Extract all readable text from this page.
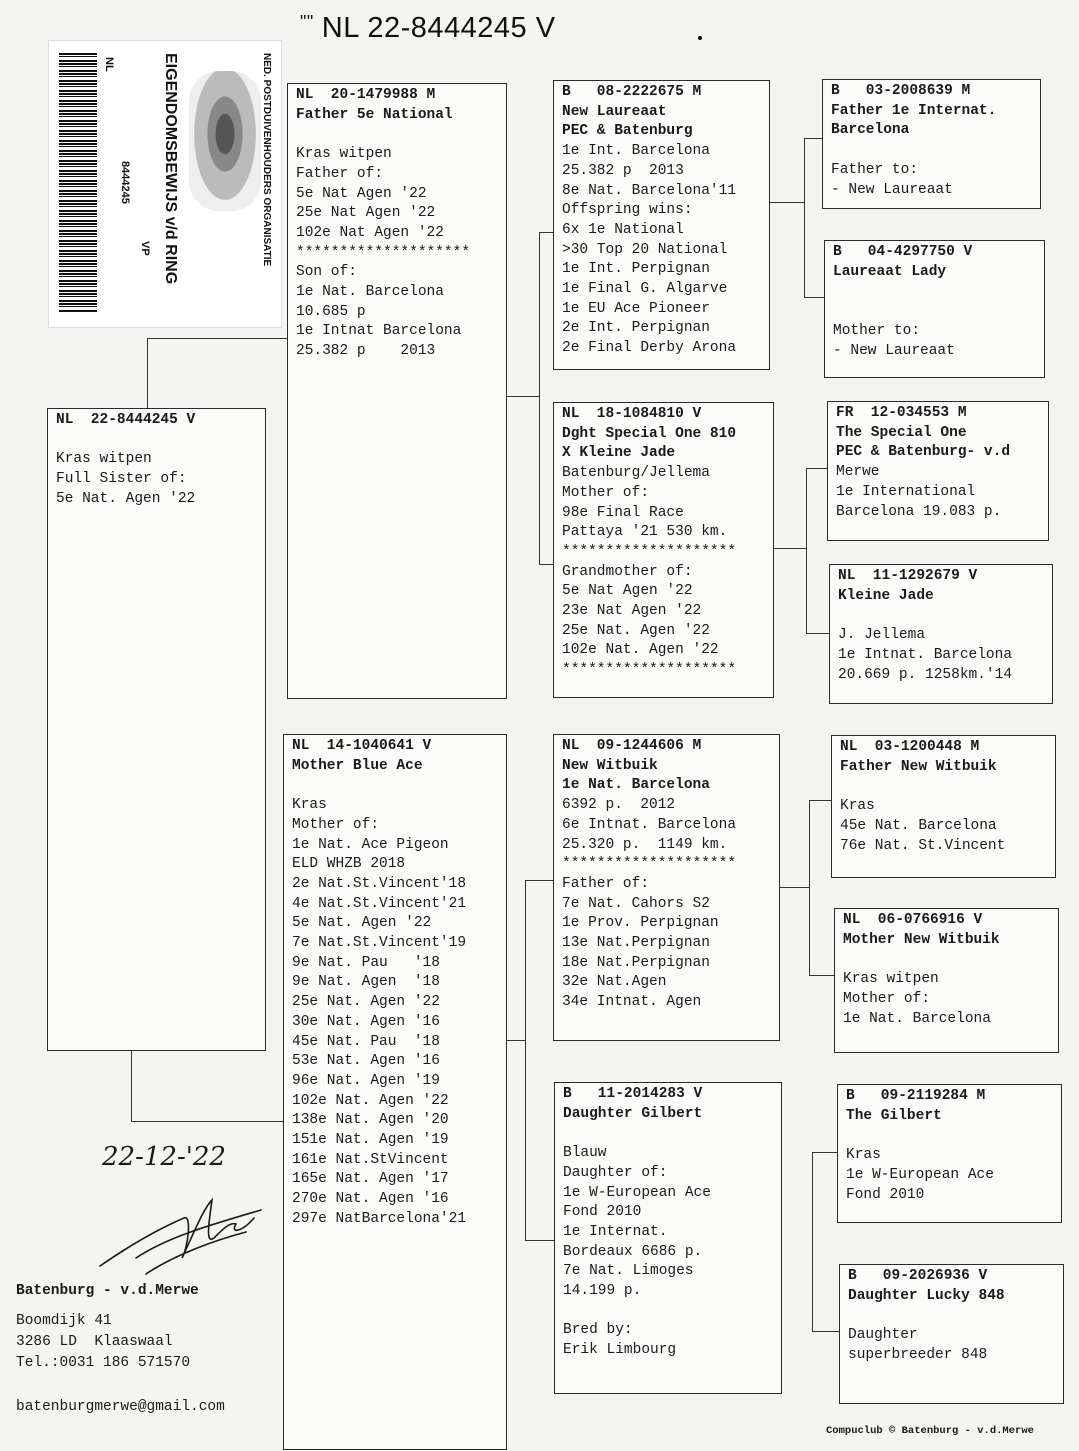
"" NL 22-8444245 V
NL
8444245
VP EIGENDOMSBEWIJS v/d RING	NED. POSTDUIVENHOUDERS ORGANISATIE
NL  22-8444245 V

Kras witpen
Full Sister of:
5e Nat. Agen '22
NL  20-1479988 M
Father 5e National

Kras witpen
Father of:
5e Nat Agen '22
25e Nat Agen '22
102e Nat Agen '22
********************
Son of:
1e Nat. Barcelona
10.685 p
1e Intnat Barcelona
25.382 p    2013
NL  14-1040641 V
Mother Blue Ace

Kras
Mother of:
1e Nat. Ace Pigeon
ELD WHZB 2018
2e Nat.St.Vincent'18
4e Nat.St.Vincent'21
5e Nat. Agen '22
7e Nat.St.Vincent'19
9e Nat. Pau   '18
9e Nat. Agen  '18
25e Nat. Agen '22
30e Nat. Agen '16
45e Nat. Pau  '18
53e Nat. Agen '16
96e Nat. Agen '19
102e Nat. Agen '22
138e Nat. Agen '20
151e Nat. Agen '19
161e Nat.StVincent
165e Nat. Agen '17
270e Nat. Agen '16
297e NatBarcelona'21
B   08-2222675 M
New Laureaat
PEC & Batenburg
1e Int. Barcelona
25.382 p  2013
8e Nat. Barcelona'11
Offspring wins:
6x 1e National
>30 Top 20 National
1e Int. Perpignan
1e Final G. Algarve
1e EU Ace Pioneer
2e Int. Perpignan
2e Final Derby Arona
NL  18-1084810 V
Dght Special One 810
X Kleine Jade
Batenburg/Jellema
Mother of:
98e Final Race
Pattaya '21 530 km.
********************
Grandmother of:
5e Nat Agen '22
23e Nat Agen '22
25e Nat. Agen '22
102e Nat. Agen '22
********************
NL  09-1244606 M
New Witbuik
1e Nat. Barcelona
6392 p.  2012
6e Intnat. Barcelona
25.320 p.  1149 km.
********************
Father of:
7e Nat. Cahors S2
1e Prov. Perpignan
13e Nat.Perpignan
18e Nat.Perpignan
32e Nat.Agen
34e Intnat. Agen
B   11-2014283 V
Daughter Gilbert

Blauw
Daughter of:
1e W-European Ace
Fond 2010
1e Internat.
Bordeaux 6686 p.
7e Nat. Limoges
14.199 p.

Bred by:
Erik Limbourg
B   03-2008639 M
Father 1e Internat.
Barcelona

Father to:
- New Laureaat
B   04-4297750 V
Laureaat Lady

Mother to:
- New Laureaat
FR  12-034553 M
The Special One
PEC & Batenburg- v.d
Merwe
1e International
Barcelona 19.083 p.
NL  11-1292679 V
Kleine Jade

J. Jellema
1e Intnat. Barcelona
20.669 p. 1258km.'14
NL  03-1200448 M
Father New Witbuik

Kras
45e Nat. Barcelona
76e Nat. St.Vincent
NL  06-0766916 V
Mother New Witbuik

Kras witpen
Mother of:
1e Nat. Barcelona
B   09-2119284 M
The Gilbert

Kras
1e W-European Ace
Fond 2010
B   09-2026936 V
Daughter Lucky 848

Daughter
superbreeder 848
22-12-'22
Batenburg - v.d.Merwe
Boomdijk 41
3286 LD  Klaaswaal
Tel.:0031 186 571570
batenburgmerwe@gmail.com
Compuclub © Batenburg - v.d.Merwe
